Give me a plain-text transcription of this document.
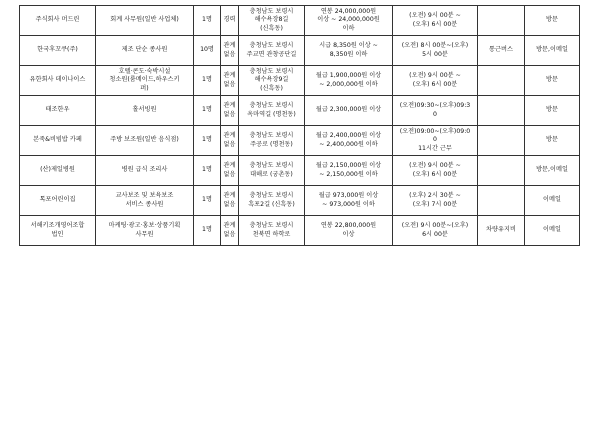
주식회사 머드린	회계 사무원(일반 사업체)	1명	경력	충청남도 보령시
해수욕장8길
(신흑동)	연봉 24,000,000원
이상 ~ 24,000,000원
이하	(오전) 9시 00분 ~
(오후) 6시 00분		방문
한국후꼬쿠(주)	제조 단순 종사원	10명	관계
없음	충청남도 보령시
주교면 관창공단길	시급 8,350원 이상 ~
8,350원 이하	(오전) 8시 00분~(오후)
5시 00분	통근버스	방문,이메일
유한회사 데이나이스	호텔·콘도·숙박시설
청소원(룸메이드,하우스키
퍼)	1명	관계
없음	충청남도 보령시
해수욕장9길
(신흑동)	월급 1,900,000원 이상
~ 2,000,000원 이하	(오전) 9시 00분 ~
(오후) 6시 00분		방문
태조한우	홀서빙원	1명	관계
없음	충청남도 보령시
옥마역길 (명천동)	월급 2,300,000원 이상	(오전)09:30~(오후)09:3
0		방문
본죽&비빔밥 카페	주방 보조원(일반 음식점)	1명	관계
없음	충청남도 보령시
주공로 (명천동)	월급 2,400,000원 이상
~ 2,400,000원 이하	(오전)09:00~(오후)09:0
0
11시간 근무		방문
(산)제일병원	병원 급식 조리사	1명	관계
없음	충청남도 보령시
대해로 (궁촌동)	월급 2,150,000원 이상
~ 2,150,000원 이하	(오전) 9시 00분 ~
(오후) 6시 00분		방문,이메일
톡포어린이집	교사보조 및 보육보조
서비스 종사원	1명	관계
없음	충청남도 보령시
흑포2길 (신흑동)	월급 973,000원 이상
~ 973,000원 이하	(오후) 2시 30분 ~
(오후) 7시 00분		이메일
서해키조개영어조합
법인	마케팅·광고·홍보·상품기획
사무원	1명	관계
없음	충청남도 보령시
천북면 하학로	연봉 22,800,000원
이상	(오전) 9시 00분~(오후)
6시 00분	차량유지비	이메일
